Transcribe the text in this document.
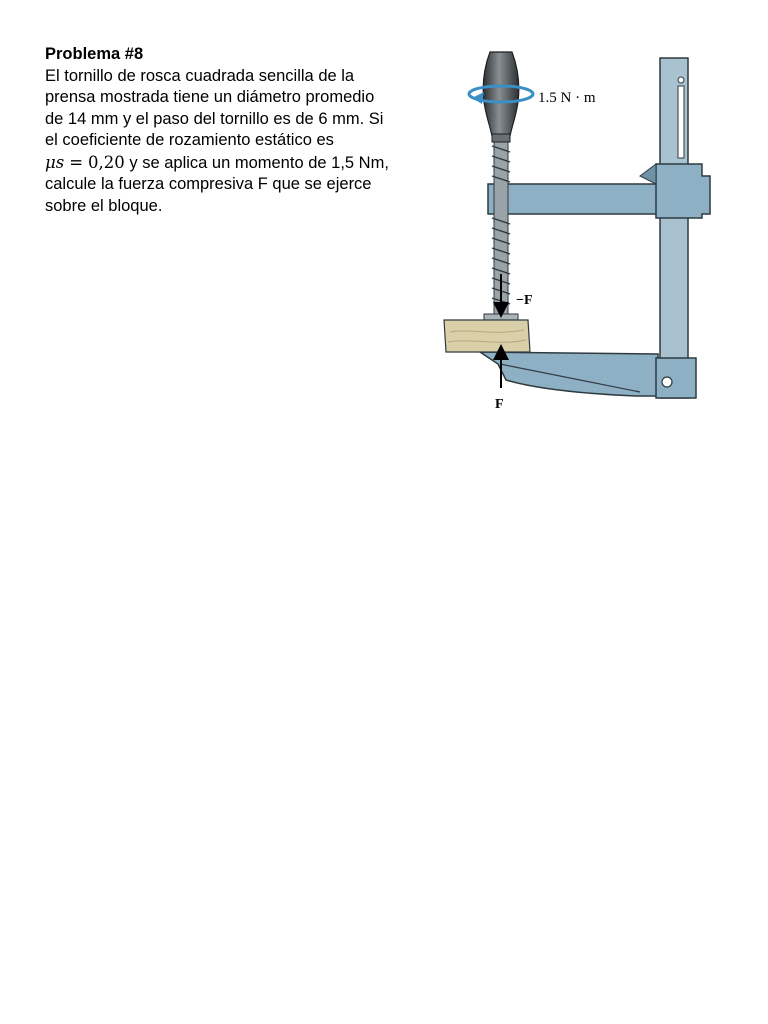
Problema #8

El tornillo de rosca cuadrada sencilla de la

prensa mostrada tiene un diámetro promedio

de 14 mm y el paso del tornillo es de 6 mm. Si

el coeficiente de rozamiento estático es

μs = 0,20 y se aplica un momento de 1,5 Nm,

calcule la fuerza compresiva F que se ejerce

sobre el bloque.

1.5 N · m
−F
F
